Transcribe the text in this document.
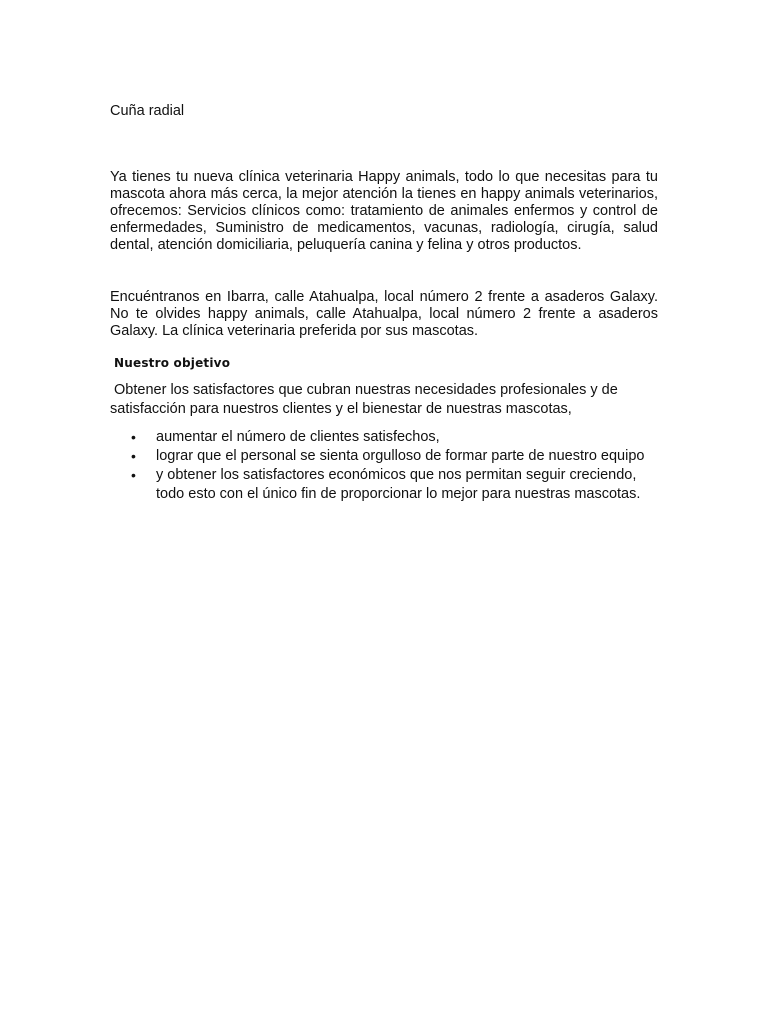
Cuña radial

Ya tienes tu nueva clínica veterinaria Happy animals, todo lo que necesitas para tu mascota ahora más cerca, la mejor atención la tienes en happy animals veterinarios, ofrecemos: Servicios clínicos como: tratamiento de animales enfermos y control de enfermedades, Suministro de medicamentos, vacunas, radiología, cirugía, salud dental, atención domiciliaria, peluquería canina y felina y otros productos.

Encuéntranos en Ibarra, calle Atahualpa, local número 2 frente a asaderos Galaxy. No te olvides happy animals, calle Atahualpa, local número 2 frente a asaderos Galaxy. La clínica veterinaria preferida por sus mascotas.

Nuestro objetivo

Obtener los satisfactores que cubran nuestras necesidades profesionales y de satisfacción para nuestros clientes y el bienestar de nuestras mascotas,

• aumentar el número de clientes satisfechos,
• lograr que el personal se sienta orgulloso de formar parte de nuestro equipo
• y obtener los satisfactores económicos que nos permitan seguir creciendo, todo esto con el único fin de proporcionar lo mejor para nuestras mascotas.
